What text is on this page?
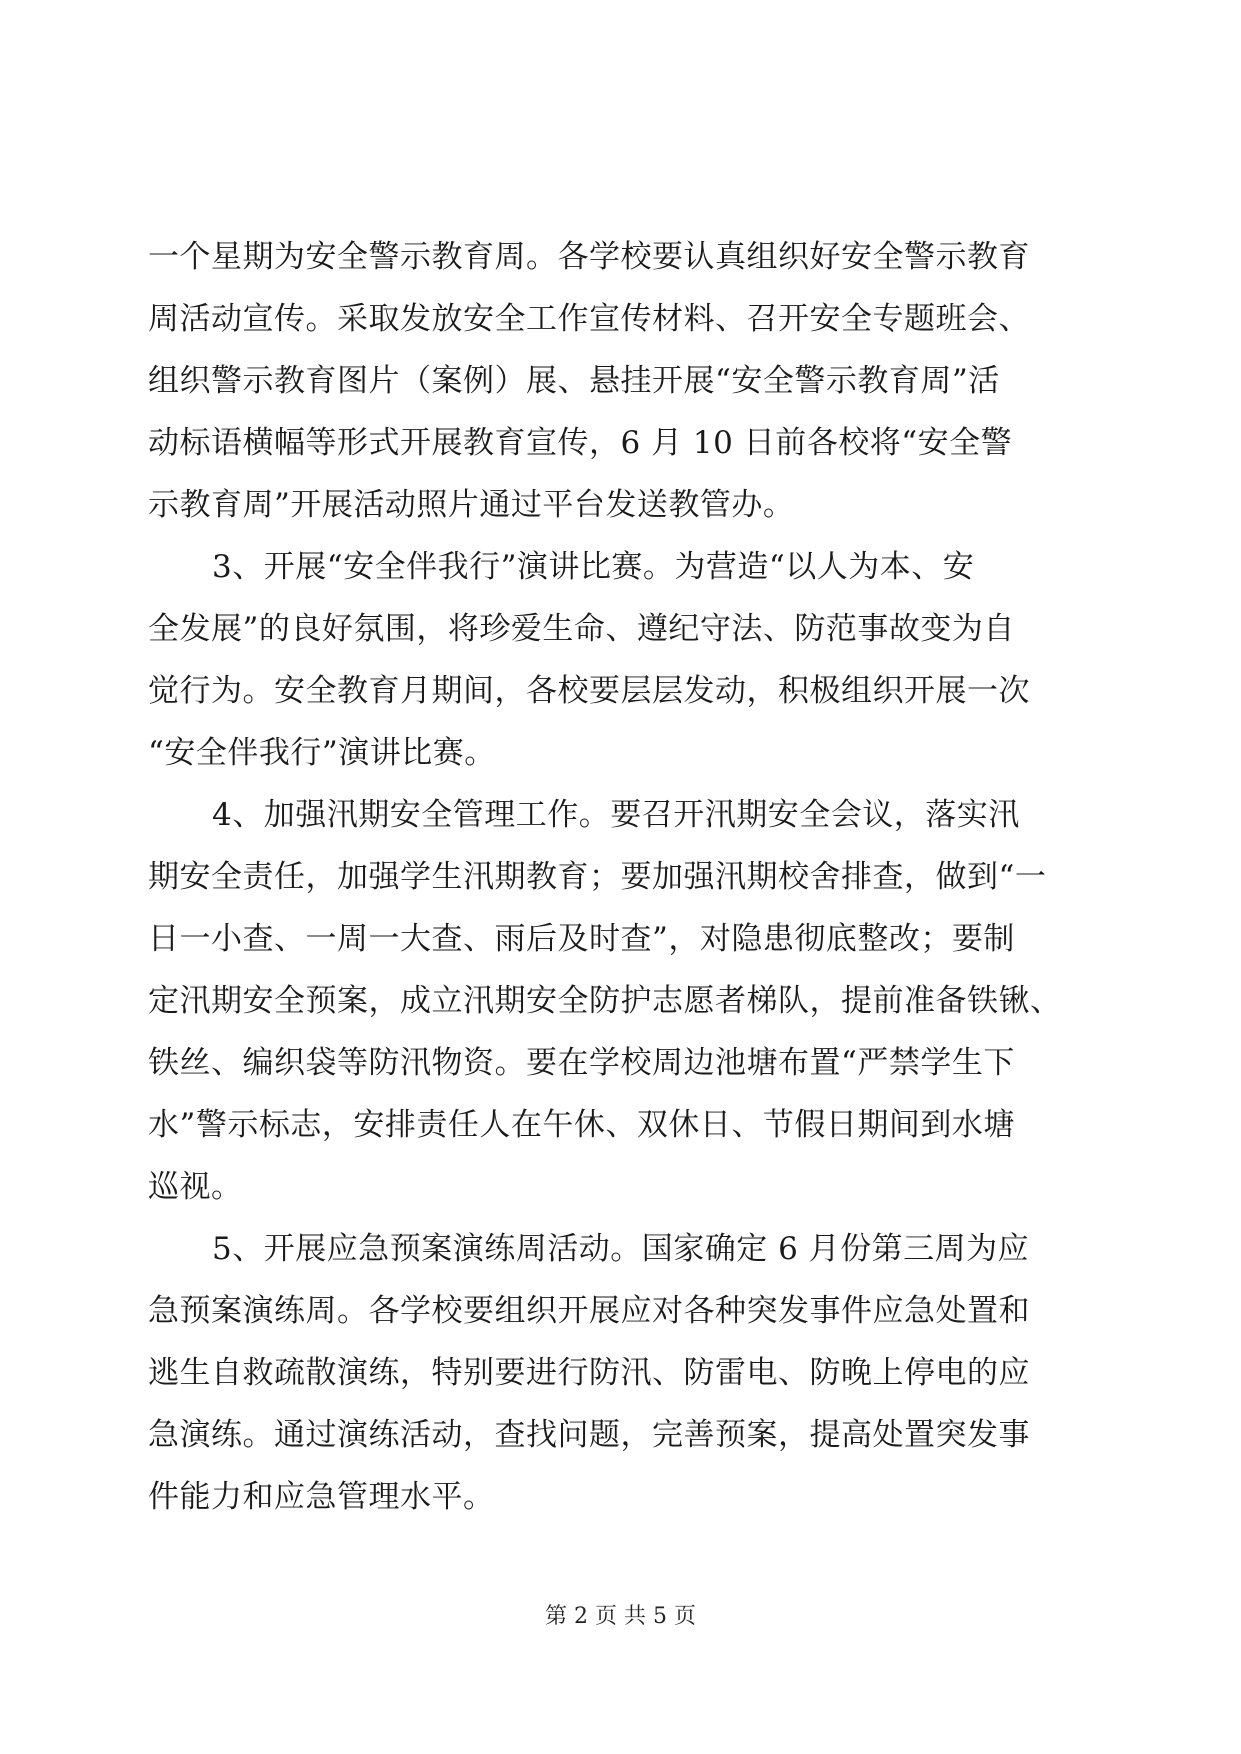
一个星期为安全警示教育周。各学校要认真组织好安全警示教育
周活动宣传。采取发放安全工作宣传材料、召开安全专题班会、
组织警示教育图片（案例）展、悬挂开展“安全警示教育周”活
动标语横幅等形式开展教育宣传，6 月 10 日前各校将“安全警
示教育周”开展活动照片通过平台发送教管办。
3、开展“安全伴我行”演讲比赛。为营造“以人为本、安
全发展”的良好氛围，将珍爱生命、遵纪守法、防范事故变为自
觉行为。安全教育月期间，各校要层层发动，积极组织开展一次
“安全伴我行”演讲比赛。
4、加强汛期安全管理工作。要召开汛期安全会议，落实汛
期安全责任，加强学生汛期教育；要加强汛期校舍排查，做到“一
日一小查、一周一大查、雨后及时查”，对隐患彻底整改；要制
定汛期安全预案，成立汛期安全防护志愿者梯队，提前准备铁锹、
铁丝、编织袋等防汛物资。要在学校周边池塘布置“严禁学生下
水”警示标志，安排责任人在午休、双休日、节假日期间到水塘
巡视。
5、开展应急预案演练周活动。国家确定 6 月份第三周为应
急预案演练周。各学校要组织开展应对各种突发事件应急处置和
逃生自救疏散演练，特别要进行防汛、防雷电、防晚上停电的应
急演练。通过演练活动，查找问题，完善预案，提高处置突发事
件能力和应急管理水平。
第 2 页 共 5 页
